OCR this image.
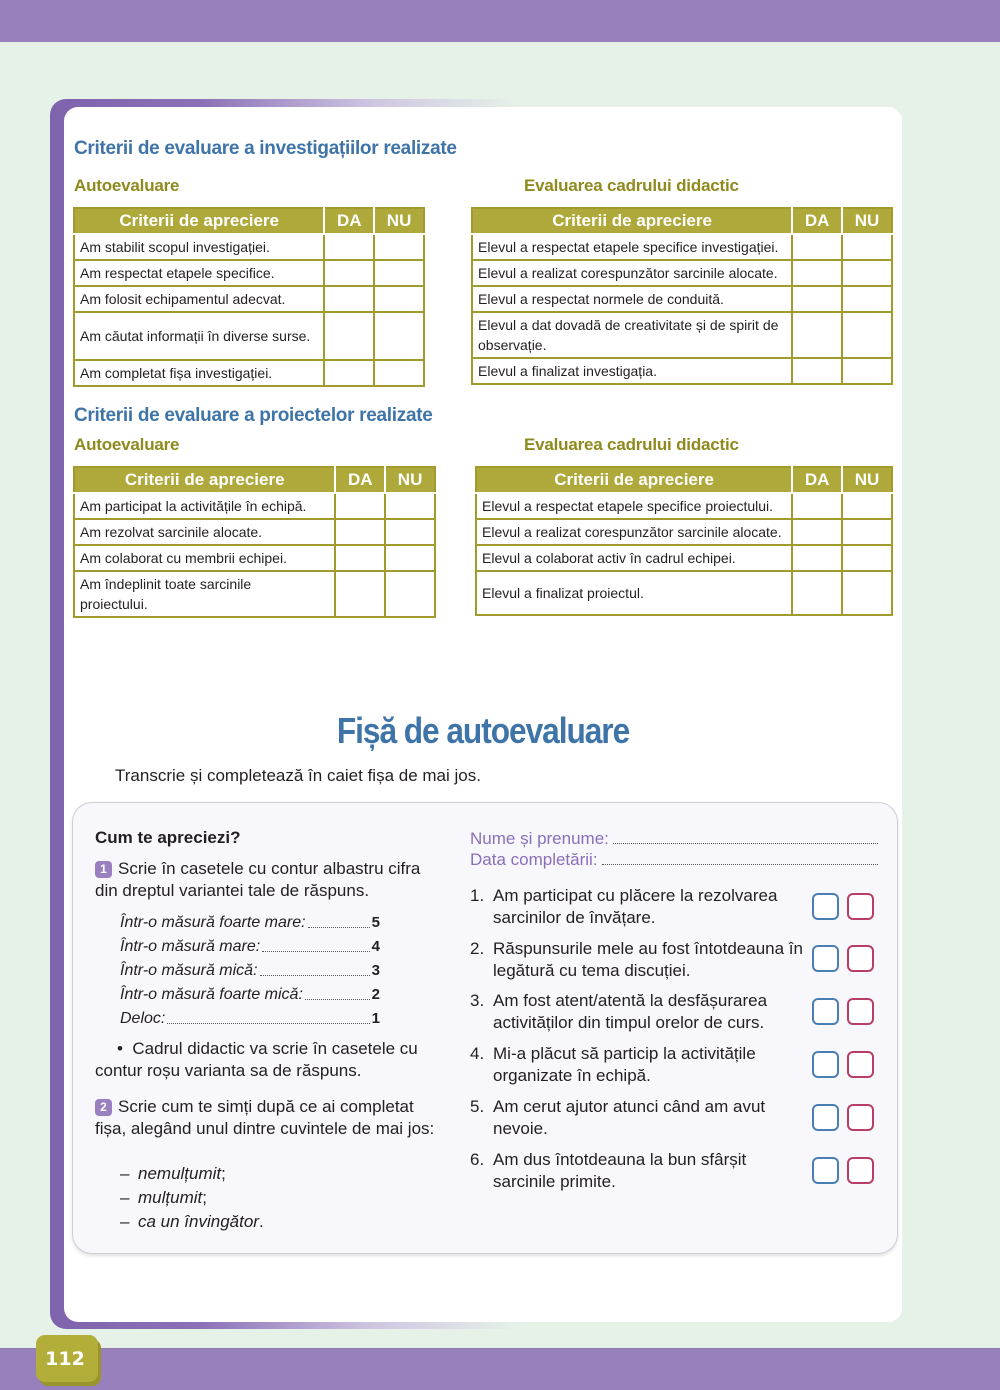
Criterii de evaluare a investigațiilor realizate
Autoevaluare	Evaluarea cadrului didactic
Criterii de apreciere	DA	NU
Am stabilit scopul investigației.		
Am respectat etapele specifice.		
Am folosit echipamentul adecvat.		
Am căutat informații în diverse surse.		
Am completat fișa investigației.		
Criterii de apreciere	DA	NU
Elevul a respectat etapele specifice investigației.		
Elevul a realizat corespunzător sarcinile alocate.		
Elevul a respectat normele de conduită.		
Elevul a dat dovadă de creativitate și de spirit de observație.		
Elevul a finalizat investigația.		
Criterii de evaluare a proiectelor realizate
Autoevaluare	Evaluarea cadrului didactic
Criterii de apreciere	DA	NU
Am participat la activitățile în echipă.		
Am rezolvat sarcinile alocate.		
Am colaborat cu membrii echipei.		
Am îndeplinit toate sarcinile proiectului.		
Criterii de apreciere	DA	NU
Elevul a respectat etapele specifice proiectului.		
Elevul a realizat corespunzător sarcinile alocate.		
Elevul a colaborat activ în cadrul echipei.		
Elevul a finalizat proiectul.		
Fișă de autoevaluare
Transcrie și completează în caiet fișa de mai jos.
Cum te apreciezi?
1 Scrie în casetele cu contur albastru cifra din dreptul variantei tale de răspuns.
Într-o măsură foarte mare:	5
Într-o măsură mare:	4
Într-o măsură mică:	3
Într-o măsură foarte mică:	2
Deloc:	1
•  Cadrul didactic va scrie în casetele cu contur roșu varianta sa de răspuns.
2 Scrie cum te simți după ce ai completat fișa, alegând unul dintre cuvintele de mai jos:
– nemulțumit;
– mulțumit;
– ca un învingător.
Nume și prenume:
Data completării:
1. Am participat cu plăcere la rezolvarea sarcinilor de învățare.
2. Răspunsurile mele au fost întotdeauna în legătură cu tema discuției.
3. Am fost atent/atentă la desfășurarea activităților din timpul orelor de curs.
4. Mi-a plăcut să particip la activitățile organizate în echipă.
5. Am cerut ajutor atunci când am avut nevoie.
6. Am dus întotdeauna la bun sfârșit sarcinile primite.
112
